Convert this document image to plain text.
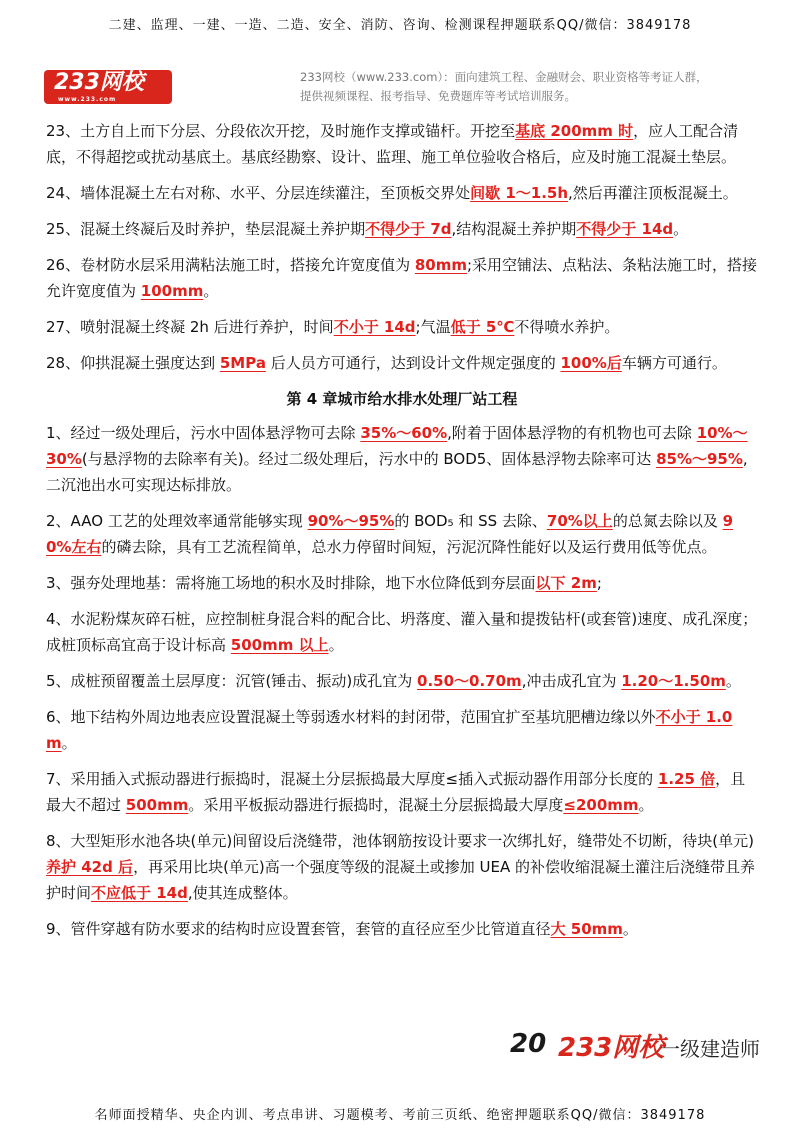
二建、监理、一建、一造、二造、安全、消防、咨询、检测课程押题联系QQ/微信：3849178
233网校
www.233.com
233网校（www.233.com）：面向建筑工程、金融财会、职业资格等考证人群，
提供视频课程、报考指导、免费题库等考试培训服务。
23、土方自上而下分层、分段依次开挖，及时施作支撑或锚杆。开挖至基底 200mm 时，应人工配合清底，不得超挖或扰动基底土。基底经勘察、设计、监理、施工单位验收合格后，应及时施工混凝土垫层。
24、墙体混凝土左右对称、水平、分层连续灌注，至顶板交界处间歇 1～1.5h,然后再灌注顶板混凝土。
25、混凝土终凝后及时养护，垫层混凝土养护期不得少于 7d,结构混凝土养护期不得少于 14d。
26、卷材防水层采用满粘法施工时，搭接允许宽度值为 80mm;采用空铺法、点粘法、条粘法施工时，搭接允许宽度值为 100mm。
27、喷射混凝土终凝 2h 后进行养护，时间不小于 14d;气温低于 5℃不得喷水养护。
28、仰拱混凝土强度达到 5MPa 后人员方可通行，达到设计文件规定强度的 100%后车辆方可通行。
第 4 章城市给水排水处理厂站工程
1、经过一级处理后，污水中固体悬浮物可去除 35%～60%,附着于固体悬浮物的有机物也可去除 10%～30%(与悬浮物的去除率有关)。经过二级处理后，污水中的 BOD5、固体悬浮物去除率可达 85%～95%,二沉池出水可实现达标排放。
2、AAO 工艺的处理效率通常能够实现 90%～95%的 BOD₅ 和 SS 去除、70%以上的总氮去除以及 90%左右的磷去除，具有工艺流程简单，总水力停留时间短，污泥沉降性能好以及运行费用低等优点。
3、强夯处理地基：需将施工场地的积水及时排除，地下水位降低到夯层面以下 2m;
4、水泥粉煤灰碎石桩，应控制桩身混合料的配合比、坍落度、灌入量和提拨钻杆(或套管)速度、成孔深度；成桩顶标高宜高于设计标高 500mm 以上。
5、成桩预留覆盖土层厚度：沉管(锤击、振动)成孔宜为 0.50～0.70m,冲击成孔宜为 1.20～1.50m。
6、地下结构外周边地表应设置混凝土等弱透水材料的封闭带，范围宜扩至基坑肥槽边缘以外不小于 1.0m。
7、采用插入式振动器进行振捣时，混凝土分层振捣最大厚度≤插入式振动器作用部分长度的 1.25 倍，且最大不超过 500mm。采用平板振动器进行振捣时，混凝土分层振捣最大厚度≤200mm。
8、大型矩形水池各块(单元)间留设后浇缝带，池体钢筋按设计要求一次绑扎好，缝带处不切断，待块(单元)养护 42d 后，再采用比块(单元)高一个强度等级的混凝土或掺加 UEA 的补偿收缩混凝土灌注后浇缝带且养护时间不应低于 14d,使其连成整体。
9、管件穿越有防水要求的结构时应设置套管，套管的直径应至少比管道直径大 50mm。
20 233网校
一级建造师
名师面授精华、央企内训、考点串讲、习题模考、考前三页纸、绝密押题联系QQ/微信：3849178
